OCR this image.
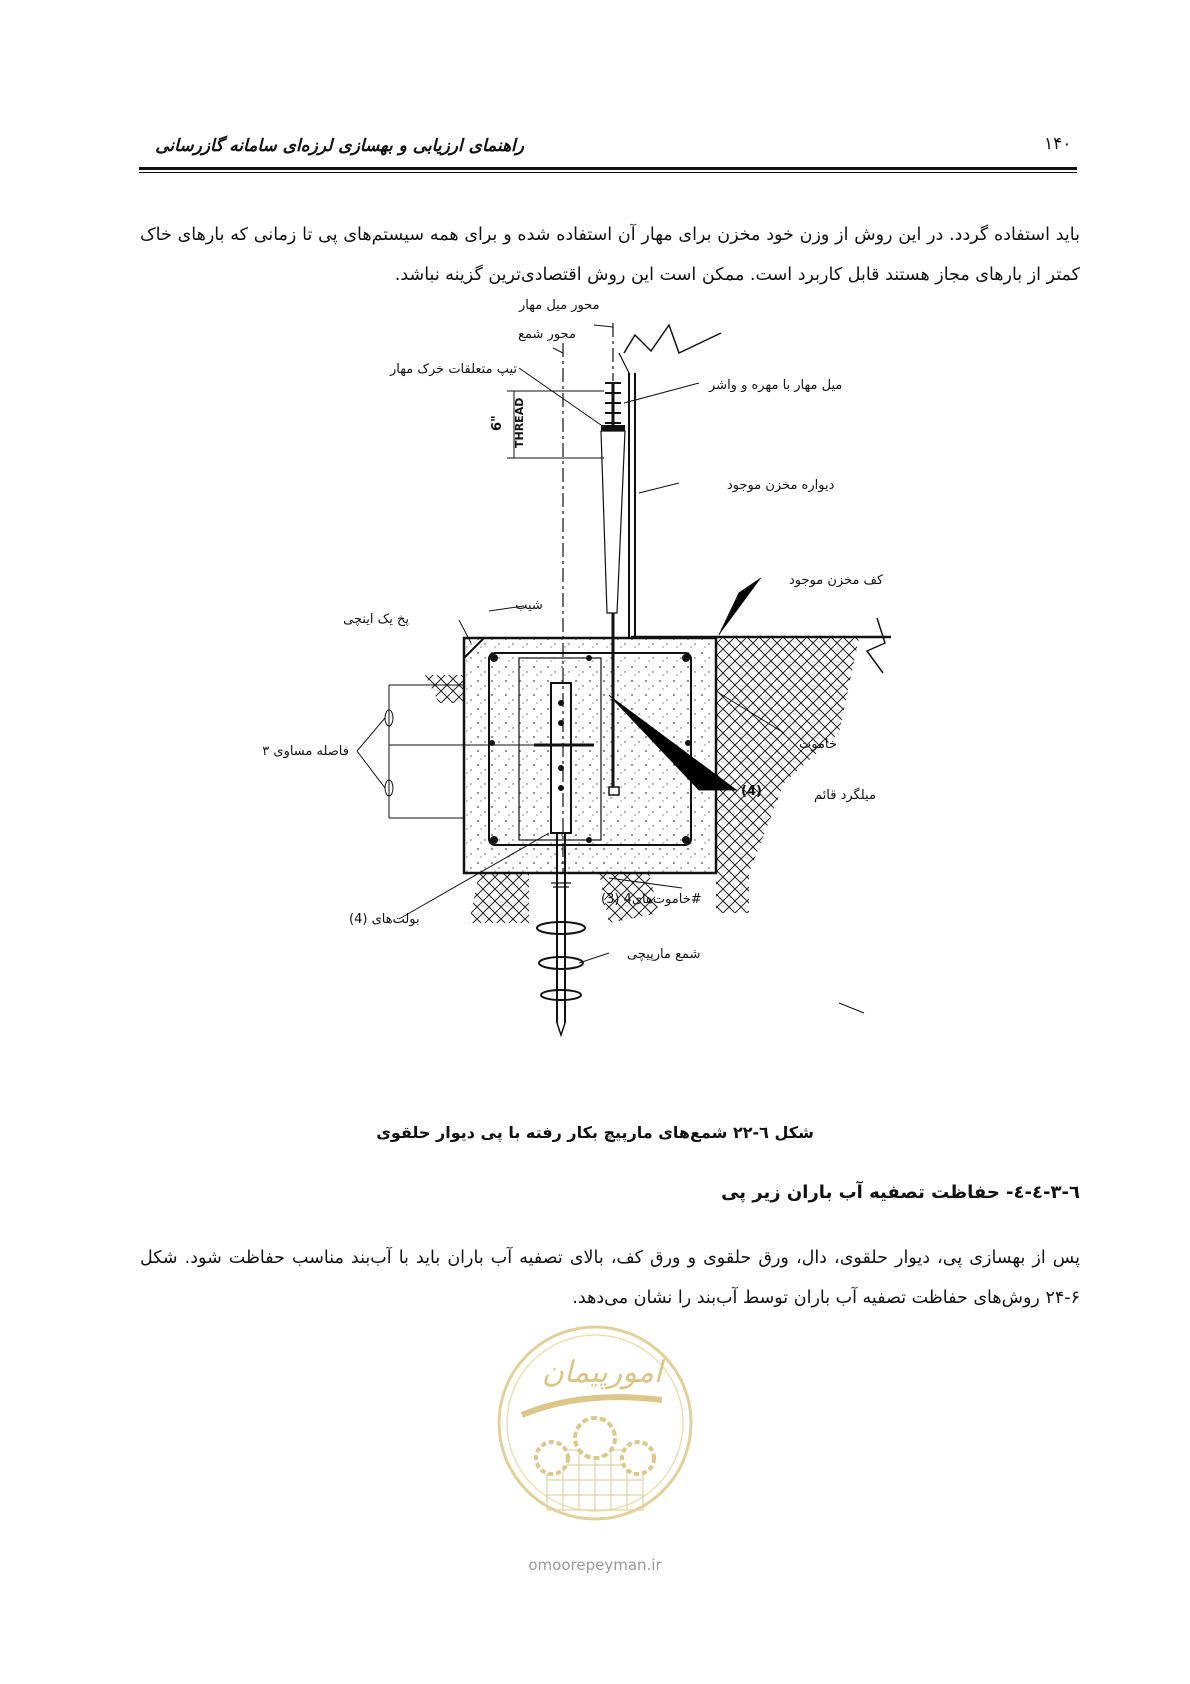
راهنمای ارزیابی و بهسازی لرزه‌ای سامانه گازرسانی	۱۴۰
باید استفاده گردد. در این روش از وزن خود مخزن برای مهار آن استفاده شده و برای همه سیستم‌های پی تا زمانی که بارهای خاک کمتر از بارهای مجاز هستند قابل کاربرد است. ممکن است این روش اقتصادی‌ترین گزینه نباشد.
6" THREAD
محور میل مهار
محور شمع
تیپ متعلقات خرک مهار
میل مهار با مهره و واشر
دیواره مخزن موجود
کف مخزن موجود
شیب
پخ یک اینچی
خاموت
۳ فاصله مساوی
(4)	میلگرد قائم
(3) خاموت‌های4#
بولت‌های (4)
شمع مارپیچی
شکل ٦-٢٢ شمع‌های مارپیچ بکار رفته با پی دیوار حلقوی
٦-٣-٤-٤- حفاظت تصفیه آب باران زیر پی
پس از بهسازی پی، دیوار حلقوی، دال، ورق حلقوی و ورق کف، بالای تصفیه آب باران باید با آب‌بند مناسب حفاظت شود. شکل ۶-۲۴ روش‌های حفاظت تصفیه آب باران توسط آب‌بند را نشان می‌دهد.
امورپیمان
omoorepeyman.ir
